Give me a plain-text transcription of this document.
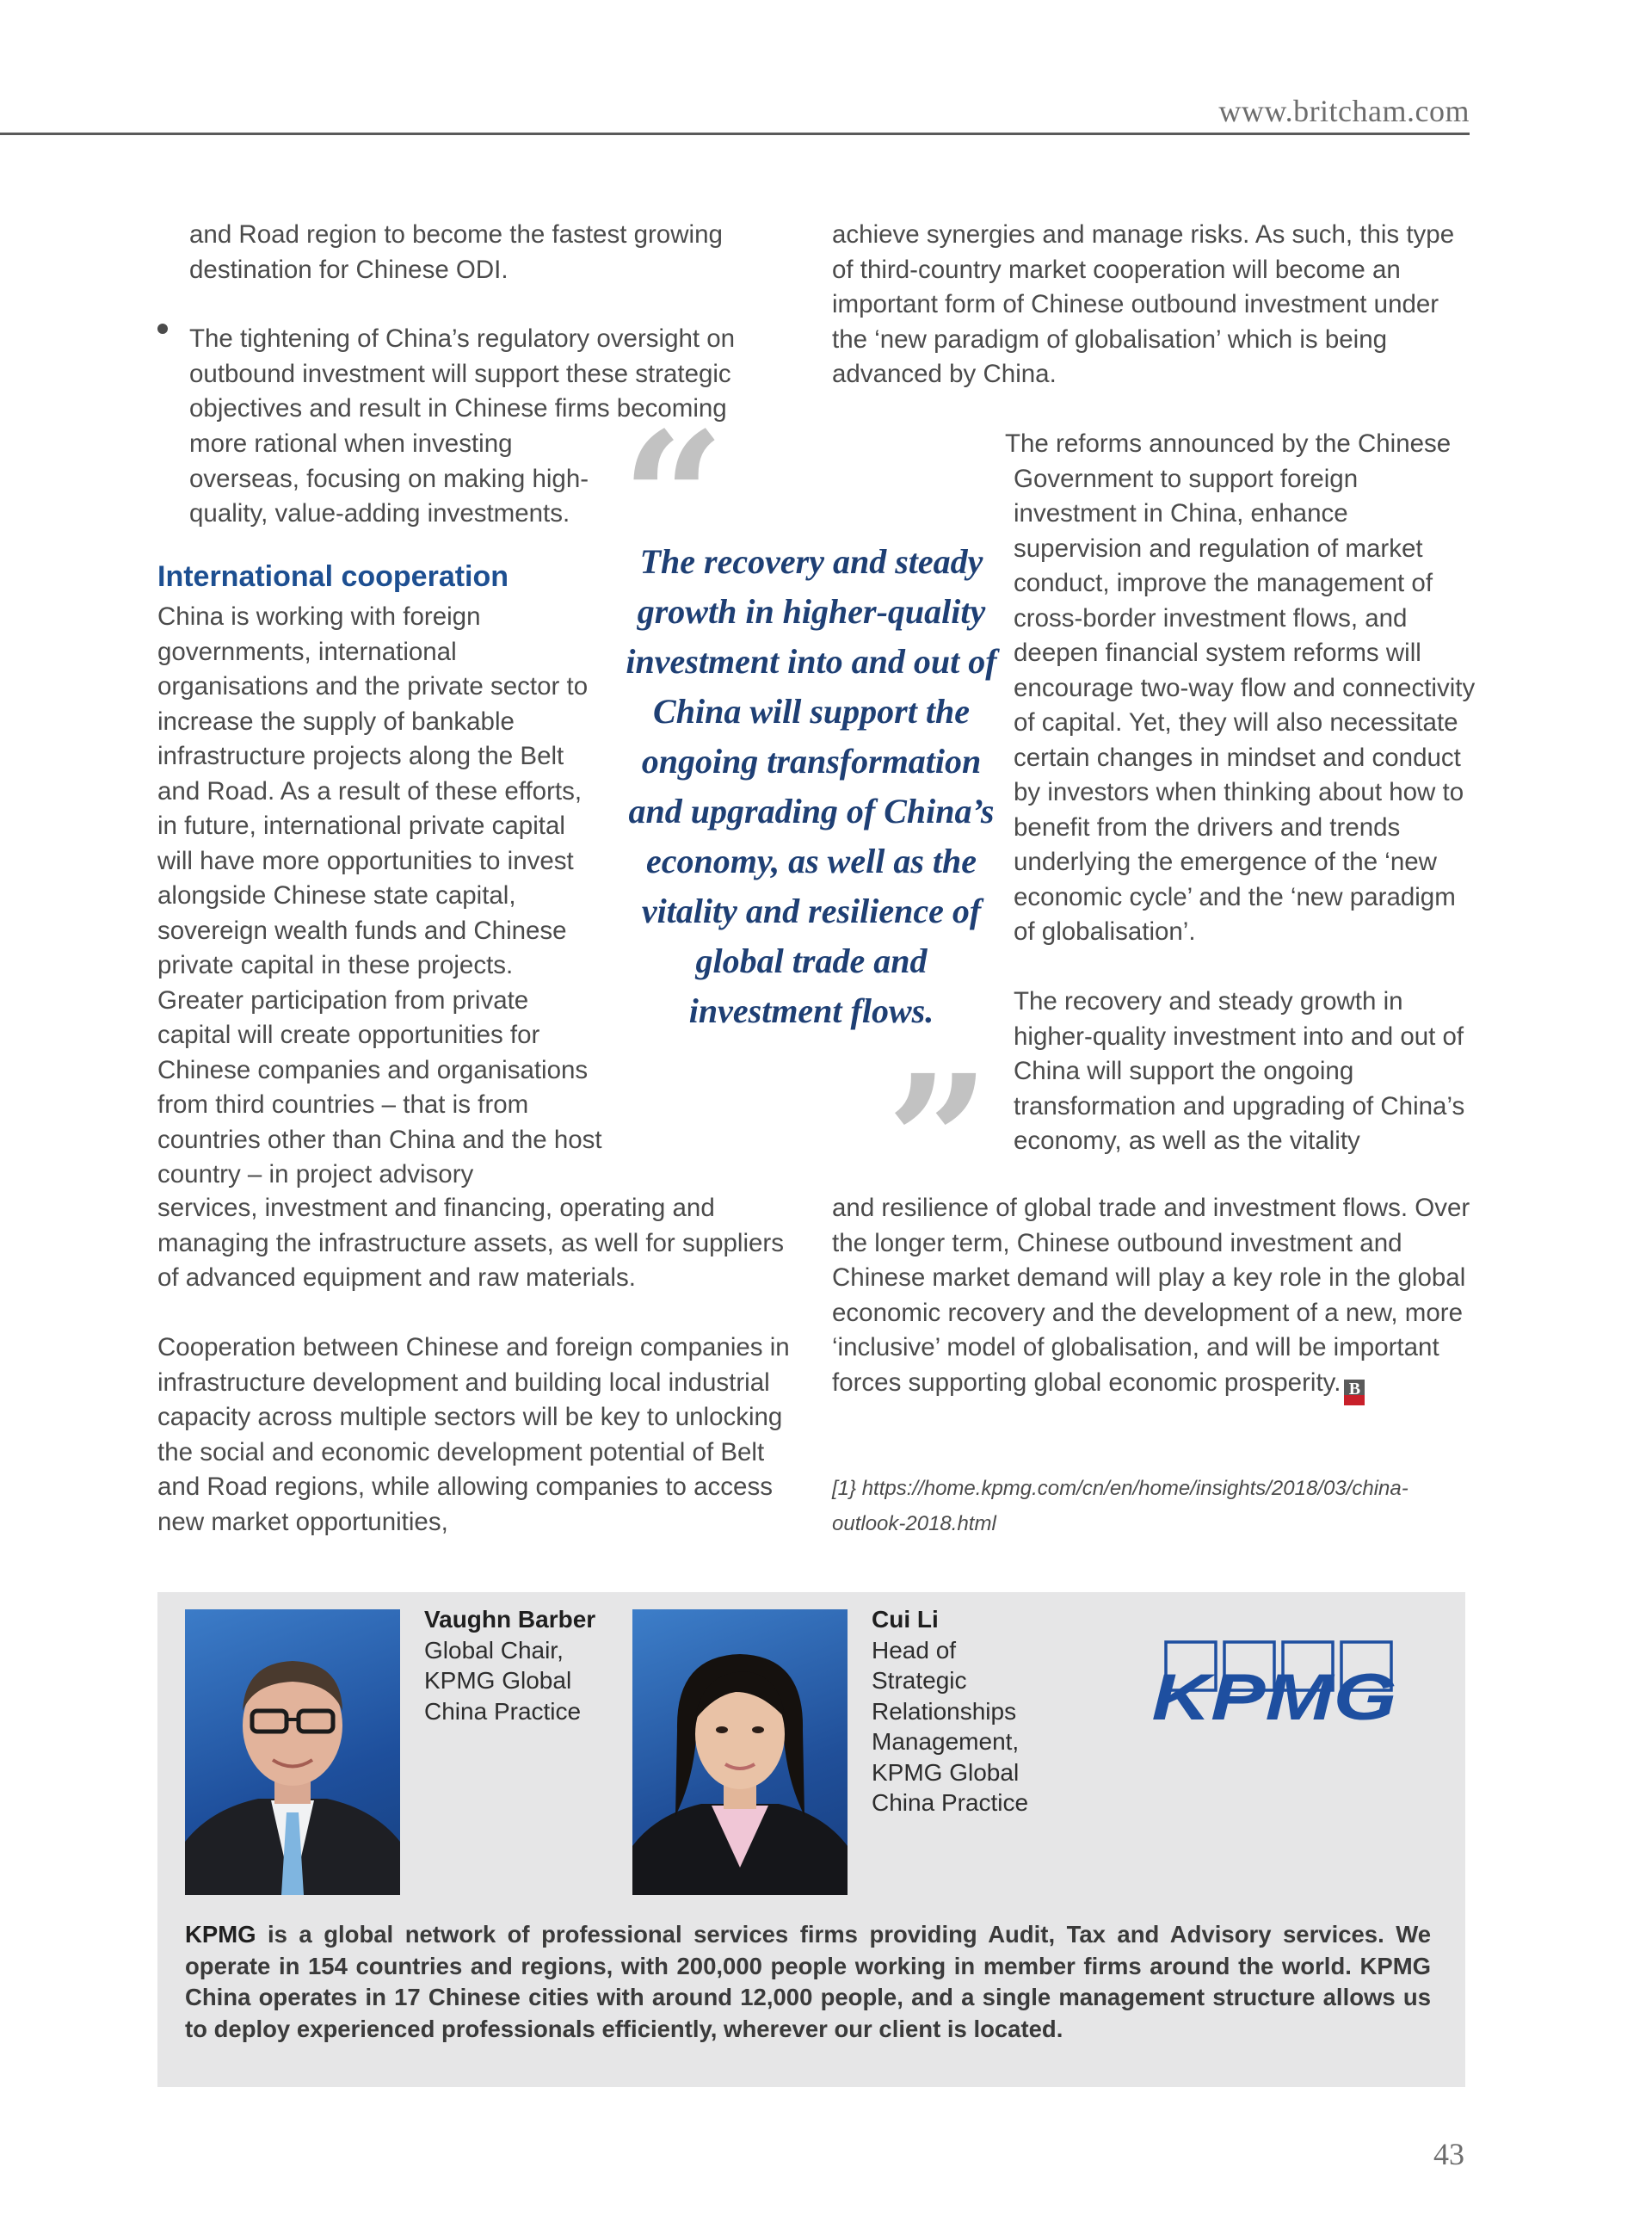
www.britcham.com

and Road region to become the fastest growing destination for Chinese ODI.

The tightening of China’s regulatory oversight on outbound investment will support these strategic objectives and result in Chinese firms becoming

more rational when investing overseas, focusing on making high-quality, value-adding investments.

International cooperation

China is working with foreign governments, international organisations and the private sector to increase the supply of bankable infrastructure projects along the Belt and Road. As a result of these efforts, in future, international private capital will have more opportunities to invest alongside Chinese state capital, sovereign wealth funds and Chinese private capital in these projects. Greater participation from private capital will create opportunities for Chinese companies and organisations from third countries – that is from countries other than China and the host country – in project advisory

services, investment and financing, operating and managing the infrastructure assets, as well for suppliers of advanced equipment and raw materials.

Cooperation between Chinese and foreign companies in infrastructure development and building local industrial capacity across multiple sectors will be key to unlocking the social and economic development potential of Belt and Road regions, while allowing companies to access new market opportunities,

“

The recovery and steady growth in higher-quality investment into and out of China will support the ongoing transformation and upgrading of China’s economy, as well as the vitality and resilience of global trade and investment flows.

”

achieve synergies and manage risks. As such, this type of third-country market cooperation will become an important form of Chinese outbound investment under the ‘new paradigm of globalisation’ which is being advanced by China.

The reforms announced by the Chinese Government to support foreign investment in China, enhance supervision and regulation of market conduct, improve the management of cross-border investment flows, and deepen financial system reforms will encourage two-way flow and connectivity of capital. Yet, they will also necessitate certain changes in mindset and conduct by investors when thinking about how to benefit from the drivers and trends underlying the emergence of the ‘new economic cycle’ and the ‘new paradigm of globalisation’.

The recovery and steady growth in higher-quality investment into and out of China will support the ongoing transformation and upgrading of China’s economy, as well as the vitality

and resilience of global trade and investment flows. Over the longer term, Chinese outbound investment and Chinese market demand will play a key role in the global economic recovery and the development of a new, more ‘inclusive’ model of globalisation, and will be important forces supporting global economic prosperity. B

[1} https://home.kpmg.com/cn/en/home/insights/2018/03/china-outlook-2018.html

Vaughn Barber
Global Chair,
KPMG Global
China Practice
Cui Li
Head of
Strategic
Relationships
Management,
KPMG Global
China Practice
KPMG

KPMG is a global network of professional services firms providing Audit, Tax and Advisory services. We operate in 154 countries and regions, with 200,000 people working in member firms around the world. KPMG China operates in 17 Chinese cities with around 12,000 people, and a single management structure allows us to deploy experienced professionals efficiently, wherever our client is located.

43
